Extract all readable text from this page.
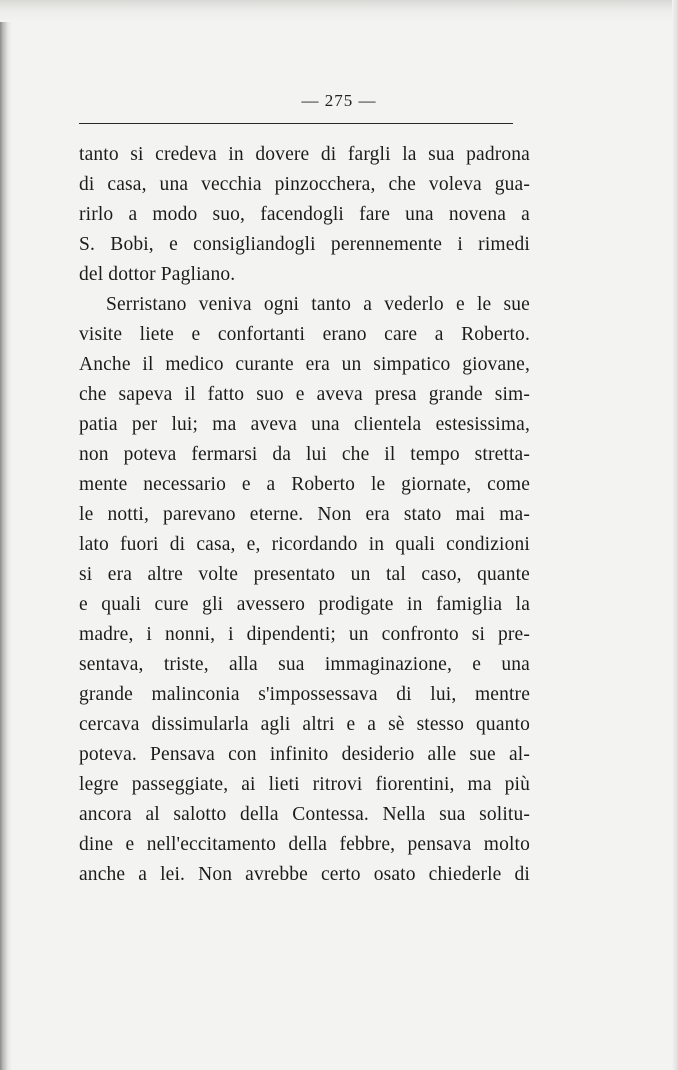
— 275 —
tanto si credeva in dovere di fargli la sua padrona
di casa, una vecchia pinzocchera, che voleva gua-
rirlo a modo suo, facendogli fare una novena a
S. Bobi, e consigliandogli perennemente i rimedi
del dottor Pagliano.
Serristano veniva ogni tanto a vederlo e le sue
visite liete e confortanti erano care a Roberto.
Anche il medico curante era un simpatico giovane,
che sapeva il fatto suo e aveva presa grande sim-
patia per lui; ma aveva una clientela estesissima,
non poteva fermarsi da lui che il tempo stretta-
mente necessario e a Roberto le giornate, come
le notti, parevano eterne. Non era stato mai ma-
lato fuori di casa, e, ricordando in quali condizioni
si era altre volte presentato un tal caso, quante
e quali cure gli avessero prodigate in famiglia la
madre, i nonni, i dipendenti; un confronto si pre-
sentava, triste, alla sua immaginazione, e una
grande malinconia s'impossessava di lui, mentre
cercava dissimularla agli altri e a sè stesso quanto
poteva. Pensava con infinito desiderio alle sue al-
legre passeggiate, ai lieti ritrovi fiorentini, ma più
ancora al salotto della Contessa. Nella sua solitu-
dine e nell'eccitamento della febbre, pensava molto
anche a lei. Non avrebbe certo osato chiederle di
